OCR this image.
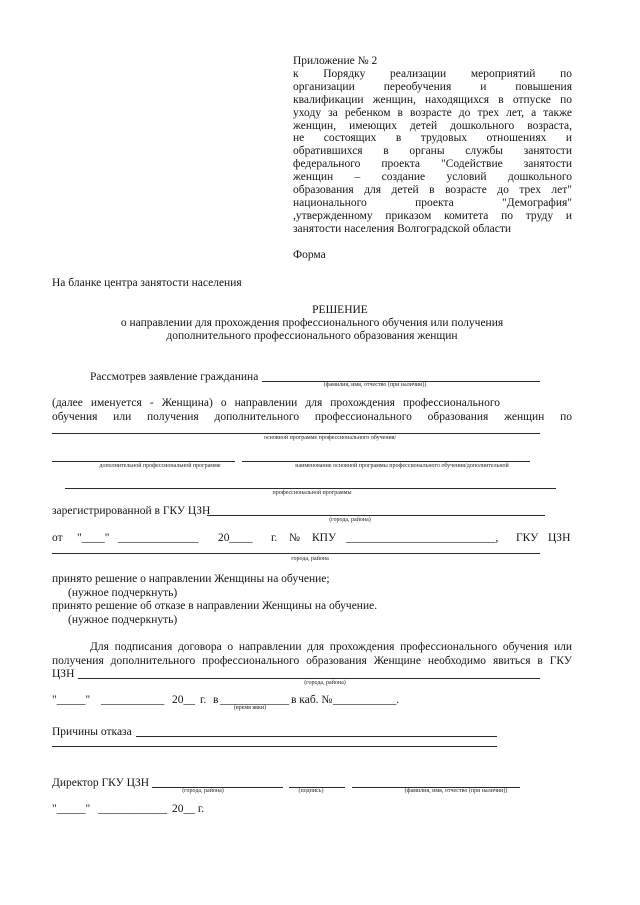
Приложение № 2
к Порядку реализации мероприятий по
организации переобучения и повышения
квалификации женщин, находящихся в отпуске по
уходу за ребенком в возрасте до трех лет, а также
женщин, имеющих детей дошкольного возраста,
не состоящих в трудовых отношениях и
обратившихся в органы службы занятости
федерального проекта "Содействие занятости
женщин – создание условий дошкольного
образования для детей в возрасте до трех лет"
национального проекта "Демография"
,утвержденному приказом комитета по труду и
занятости населения Волгоградской области
Форма
На бланке центра занятости населения
РЕШЕНИЕ
о направлении для прохождения профессионального обучения или получения
дополнительного профессионального образования женщин
Рассмотрев заявление гражданина
(фамилия, имя, отчество (при наличии))
(далее именуется - Женщина) о направлении для прохождения профессионального
обучения или получения дополнительного профессионального образования женщин по
основной программе профессионального обучения/
дополнительной профессиональной программе	наименование основной программы профессионального обучения/дополнительной
профессиональной программы
зарегистрированной в ГКУ ЦЗН
(города, района)
от "____" ______________ 20____ г. № КПУ __________________________, ГКУ ЦЗН
города, района
принято решение о направлении Женщины на обучение;
(нужное подчеркнуть)
принято решение об отказе в направлении Женщины на обучение.
(нужное подчеркнуть)
Для подписания договора о направлении для прохождения профессионального обучения или
получения дополнительного профессионального образования Женщине необходимо явиться в ГКУ
ЦЗН
(города, района)
"_____" ___________ 20__ г. в ____________ в каб. № ___________.
(время явки)
Причины отказа
Директор ГКУ ЦЗН
(города, района)	(подпись)	(фамилия, имя, отчество (при наличии))
"_____" ____________ 20__ г.
